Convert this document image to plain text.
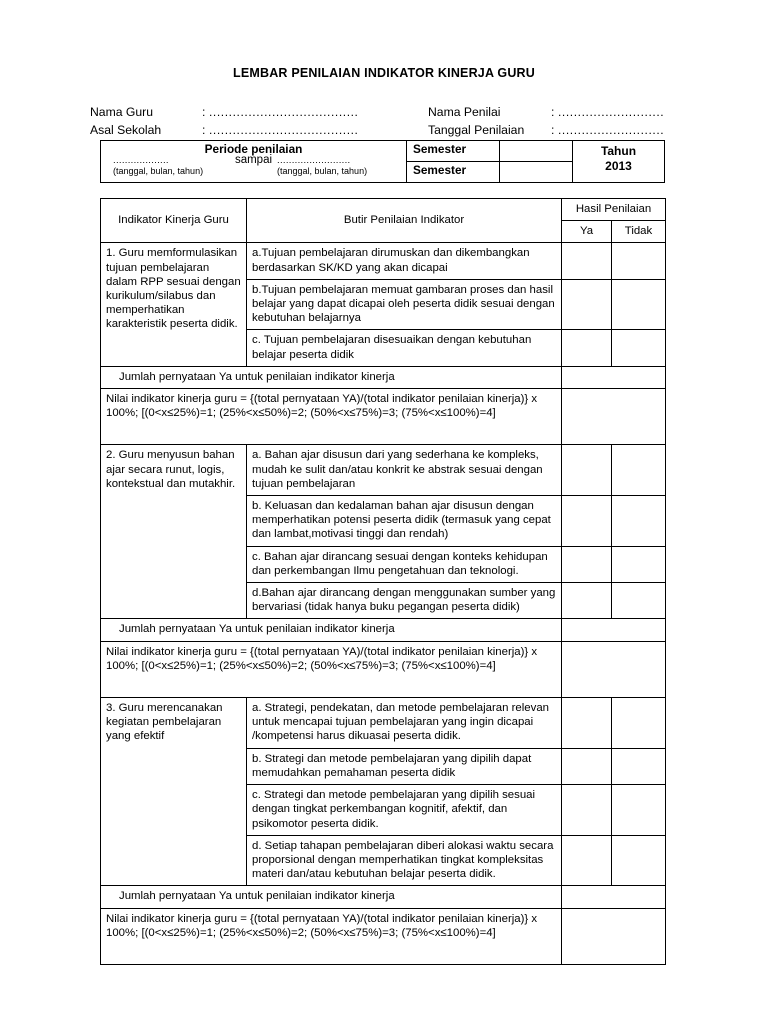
LEMBAR PENILAIAN INDIKATOR KINERJA GURU
Nama Guru	: ......................................	Nama Penilai	: ...........................
Asal Sekolah	: ......................................	Tanggal Penilaian	: ...........................
Periode penilaian
sampai
...................	.........................
(tanggal, bulan, tahun)	(tanggal, bulan, tahun)
Semester
Semester
Tahun
2013
Indikator Kinerja Guru	Butir Penilaian Indikator	Hasil Penilaian	
		Ya	Tidak
1. Guru memformulasikan tujuan pembelajaran dalam RPP sesuai dengan kurikulum/silabus dan memperhatikan karakteristik peserta didik.	a.Tujuan pembelajaran dirumuskan dan dikembangkan berdasarkan SK/KD yang akan dicapai		
	b.Tujuan pembelajaran memuat gambaran proses dan hasil belajar yang dapat dicapai oleh peserta didik sesuai dengan kebutuhan belajarnya		
	c. Tujuan pembelajaran disesuaikan dengan kebutuhan belajar peserta didik		
Jumlah pernyataan Ya untuk penilaian indikator kinerja			
Nilai indikator kinerja guru = {(total pernyataan YA)/(total indikator penilaian kinerja)} x 100%; [(0<x≤25%)=1; (25%<x≤50%)=2; (50%<x≤75%)=3; (75%<x≤100%)=4]			
2. Guru menyusun bahan ajar secara runut, logis, kontekstual dan mutakhir.	a. Bahan ajar disusun dari yang sederhana ke kompleks, mudah ke sulit dan/atau konkrit ke abstrak sesuai dengan tujuan pembelajaran		
	b. Keluasan dan kedalaman bahan ajar disusun dengan memperhatikan potensi peserta didik (termasuk yang cepat dan lambat,motivasi tinggi dan rendah)		
	c. Bahan ajar dirancang sesuai dengan konteks kehidupan dan perkembangan Ilmu pengetahuan dan teknologi.		
	d.Bahan ajar dirancang dengan menggunakan sumber yang bervariasi (tidak hanya buku pegangan peserta didik)		
Jumlah pernyataan Ya untuk penilaian indikator kinerja			
Nilai indikator kinerja guru = {(total pernyataan YA)/(total indikator penilaian kinerja)} x 100%; [(0<x≤25%)=1; (25%<x≤50%)=2; (50%<x≤75%)=3; (75%<x≤100%)=4]			
3. Guru merencanakan kegiatan pembelajaran yang efektif	a. Strategi, pendekatan, dan metode pembelajaran relevan untuk mencapai tujuan pembelajaran yang ingin dicapai /kompetensi harus dikuasai peserta didik.		
	b. Strategi dan metode pembelajaran yang dipilih dapat memudahkan pemahaman peserta didik		
	c. Strategi dan metode pembelajaran yang dipilih sesuai dengan tingkat perkembangan kognitif, afektif, dan psikomotor peserta didik.		
	d. Setiap tahapan pembelajaran diberi alokasi waktu secara proporsional dengan memperhatikan tingkat kompleksitas materi dan/atau kebutuhan belajar peserta didik.		
Jumlah pernyataan Ya untuk penilaian indikator kinerja			
Nilai indikator kinerja guru = {(total pernyataan YA)/(total indikator penilaian kinerja)} x 100%; [(0<x≤25%)=1; (25%<x≤50%)=2; (50%<x≤75%)=3; (75%<x≤100%)=4]			
